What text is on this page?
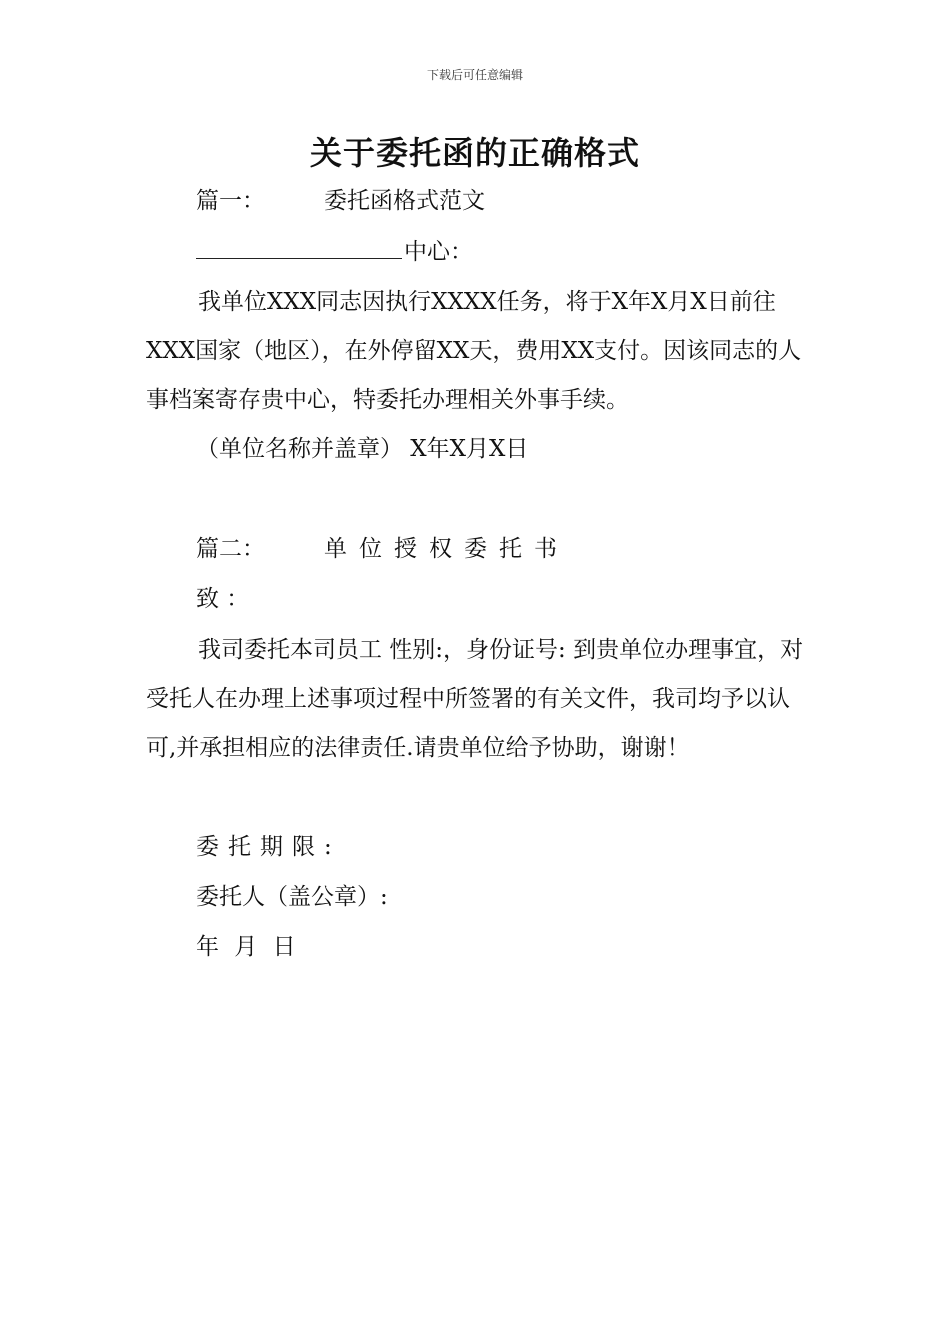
下载后可任意编辑
关于委托函的正确格式
篇一：	委托函格式范文
中心：
我单位XXX同志因执行XXXX任务，将于X年X月X日前往XXX国家（地区），在外停留XX天，费用XX支付。因该同志的人事档案寄存贵中心，特委托办理相关外事手续。
（单位名称并盖章） X年X月X日
篇二：	单位授权委托书
致 ：
我司委托本司员工 性别:，身份证号: 到贵单位办理事宜，对受托人在办理上述事项过程中所签署的有关文件，我司均予以认可,并承担相应的法律责任.请贵单位给予协助，谢谢！
委托期限:
委托人（盖公章）:
年 月 日
